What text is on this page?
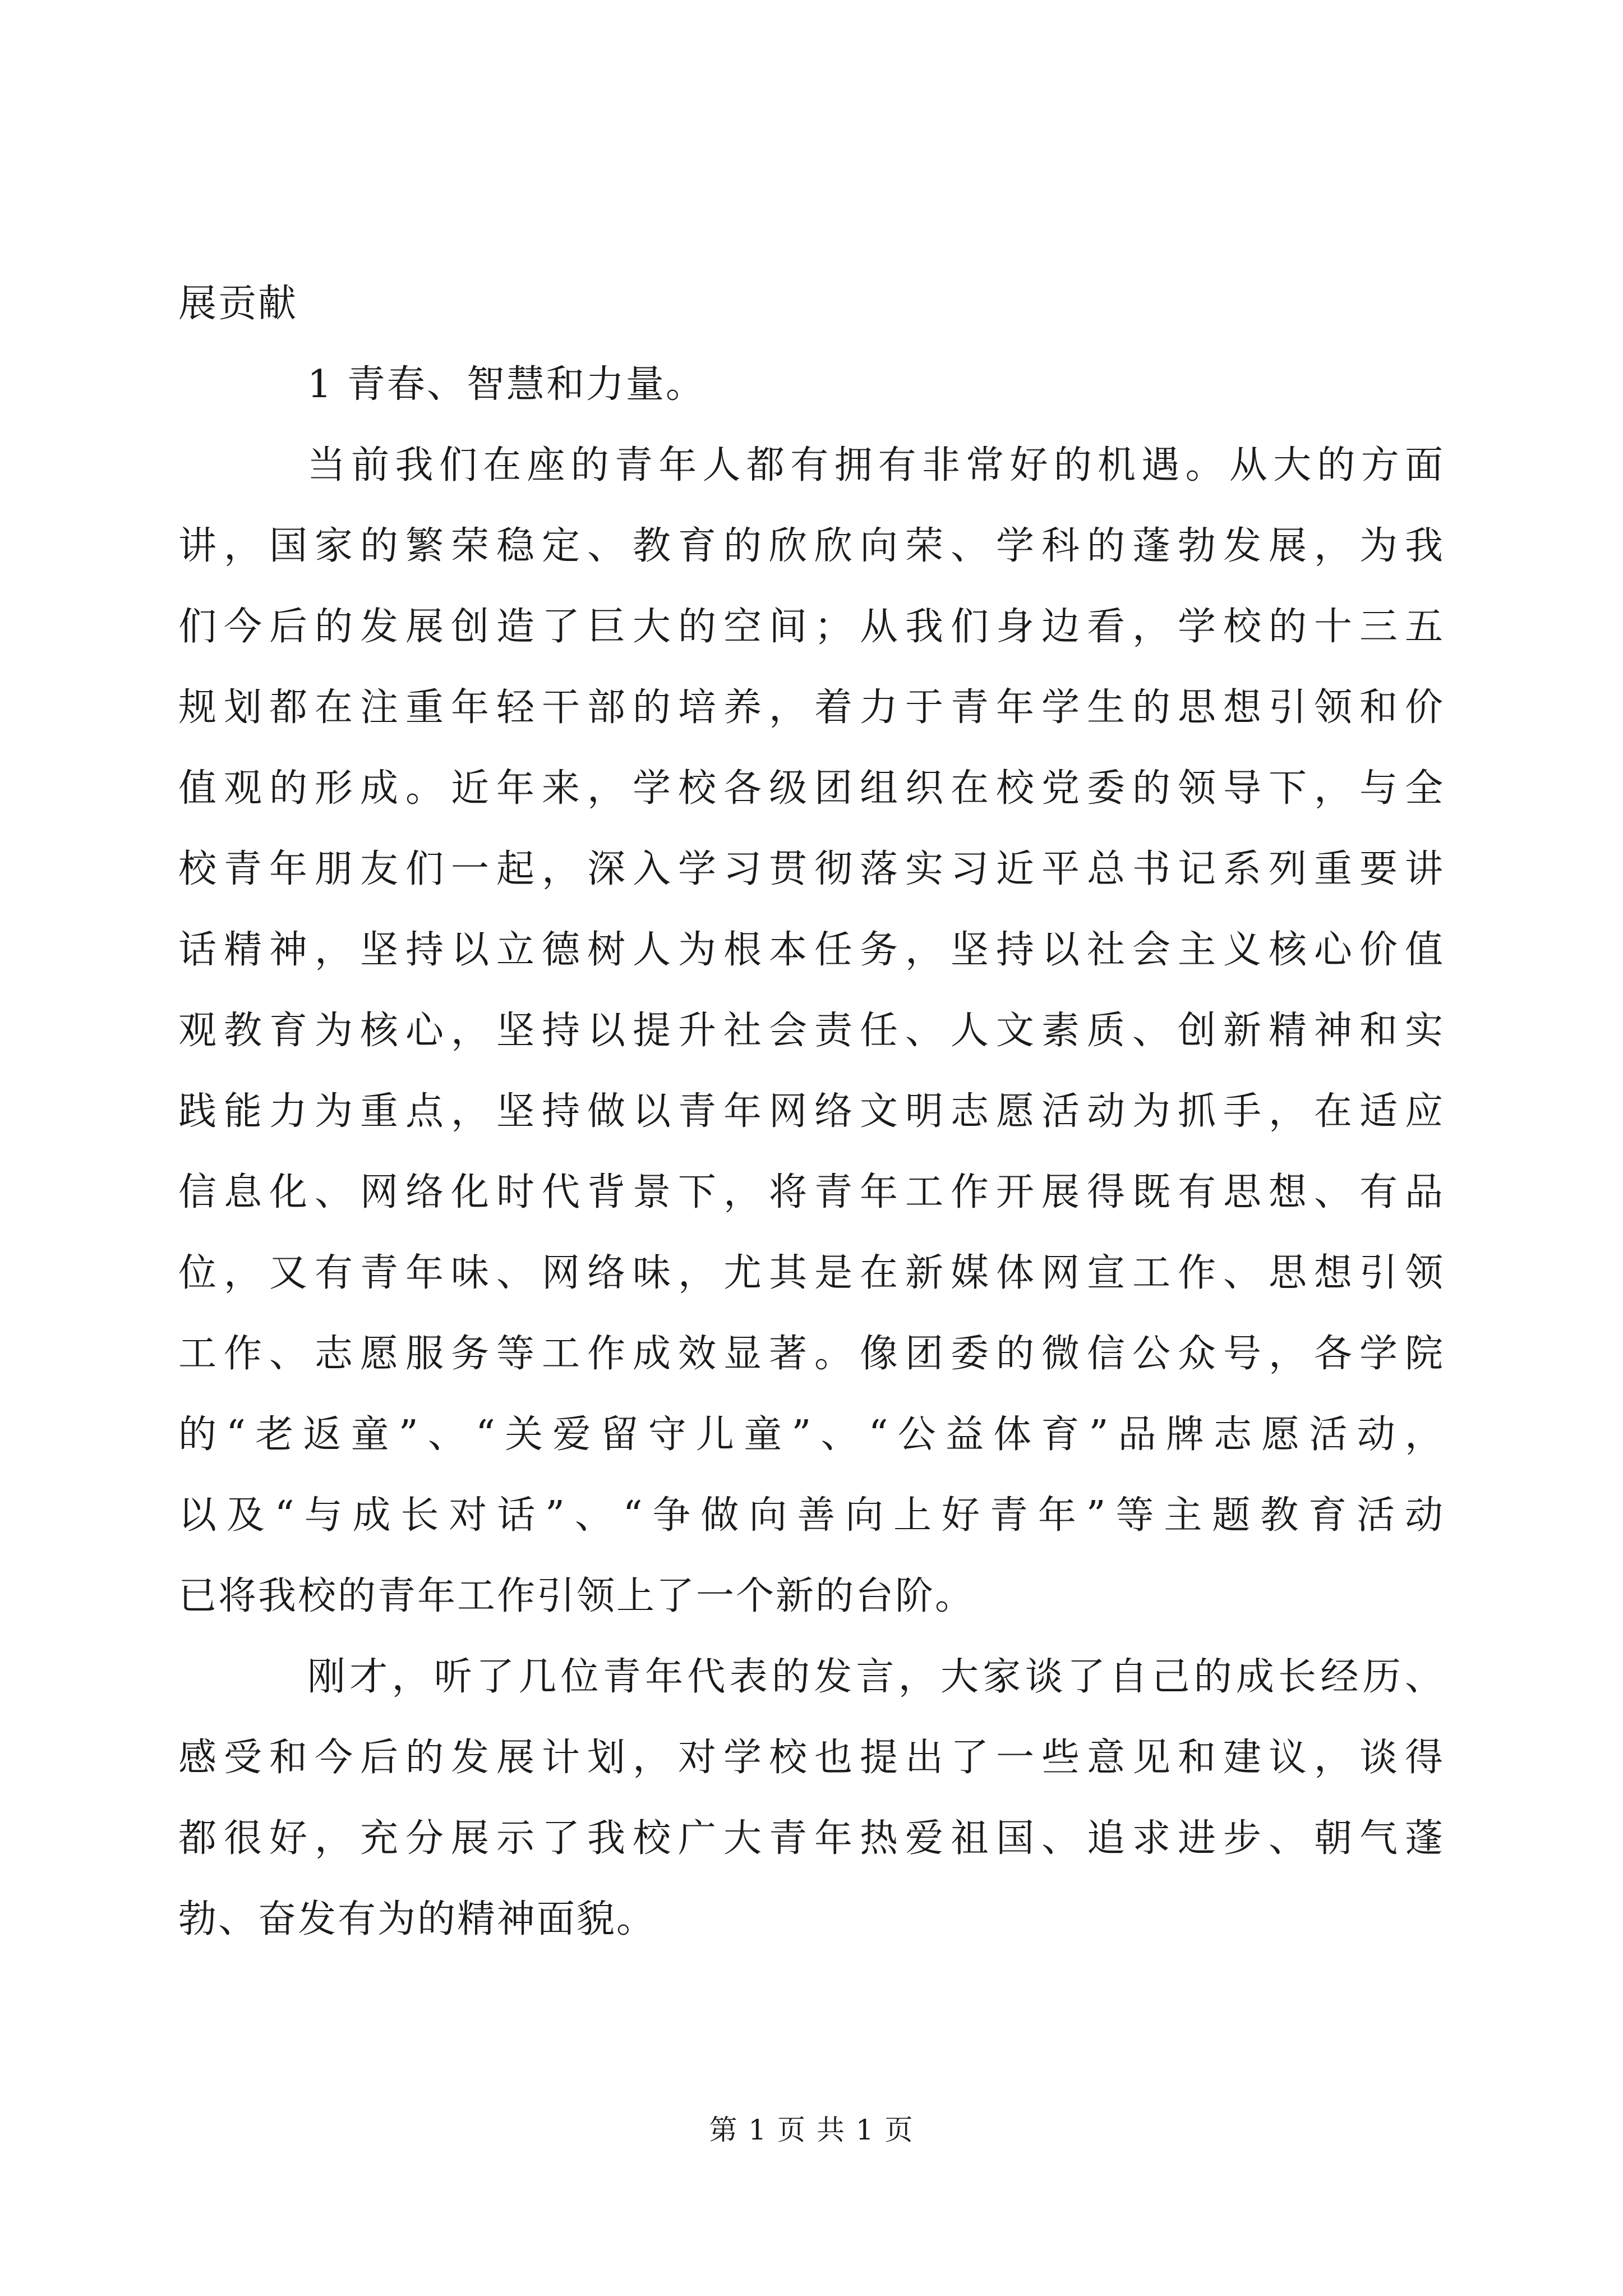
展贡献
1 青春、智慧和力量。
当前我们在座的青年人都有拥有非常好的机遇。从大的方面
讲，国家的繁荣稳定、教育的欣欣向荣、学科的蓬勃发展，为我
们今后的发展创造了巨大的空间；从我们身边看，学校的十三五
规划都在注重年轻干部的培养，着力于青年学生的思想引领和价
值观的形成。近年来，学校各级团组织在校党委的领导下，与全
校青年朋友们一起，深入学习贯彻落实习近平总书记系列重要讲
话精神，坚持以立德树人为根本任务，坚持以社会主义核心价值
观教育为核心，坚持以提升社会责任、人文素质、创新精神和实
践能力为重点，坚持做以青年网络文明志愿活动为抓手，在适应
信息化、网络化时代背景下，将青年工作开展得既有思想、有品
位，又有青年味、网络味，尤其是在新媒体网宣工作、思想引领
工作、志愿服务等工作成效显著。像团委的微信公众号，各学院
的“老返童”、“关爱留守儿童”、“公益体育”品牌志愿活动，
以及“与成长对话”、“争做向善向上好青年”等主题教育活动
已将我校的青年工作引领上了一个新的台阶。
刚才，听了几位青年代表的发言，大家谈了自己的成长经历、
感受和今后的发展计划，对学校也提出了一些意见和建议，谈得
都很好，充分展示了我校广大青年热爱祖国、追求进步、朝气蓬
勃、奋发有为的精神面貌。
第 1 页 共 1 页
